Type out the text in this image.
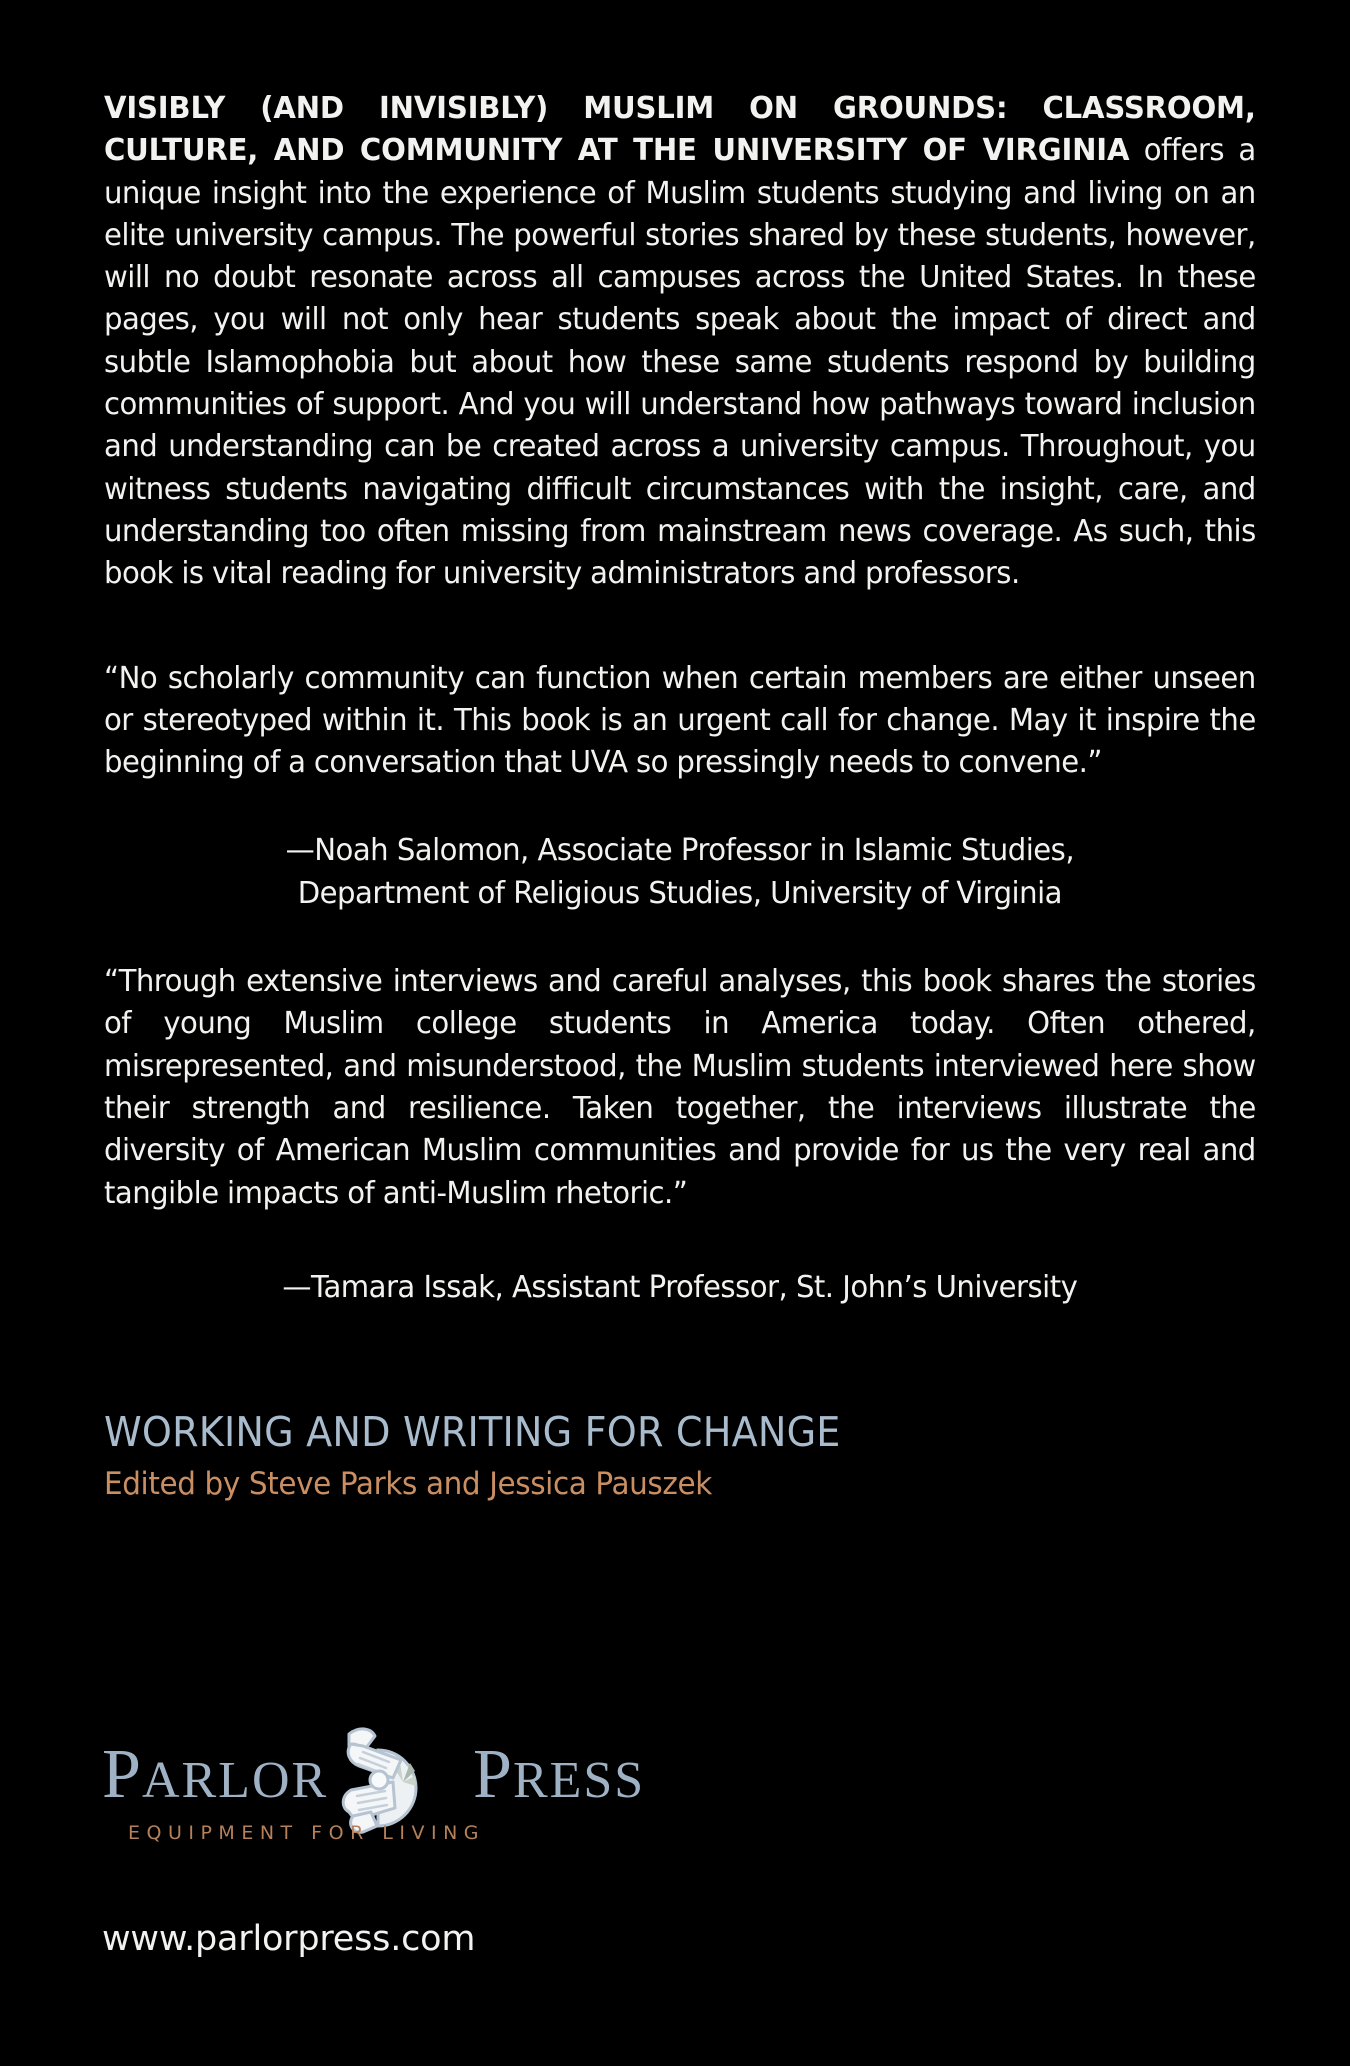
VISIBLY (AND INVISIBLY) MUSLIM ON GROUNDS: CLASSROOM, CULTURE, AND COMMUNITY AT THE UNIVERSITY OF VIRGINIA offers a unique insight into the experience of Muslim students studying and living on an elite university campus. The powerful stories shared by these students, however, will no doubt resonate across all campuses across the United States. In these pages, you will not only hear students speak about the impact of direct and subtle Islamophobia but about how these same students respond by building communities of support. And you will understand how pathways toward inclusion and understanding can be created across a university campus. Throughout, you witness students navigating difficult circumstances with the insight, care, and understanding too often missing from mainstream news coverage. As such, this book is vital reading for university administrators and professors.

“No scholarly community can function when certain members are either unseen or stereotyped within it. This book is an urgent call for change. May it inspire the beginning of a conversation that UVA so pressingly needs to convene.”

—Noah Salomon, Associate Professor in Islamic Studies,
Department of Religious Studies, University of Virginia

“Through extensive interviews and careful analyses, this book shares the stories of young Muslim college students in America today. Often othered, misrepresented, and misunderstood, the Muslim students interviewed here show their strength and resilience. Taken together, the interviews illustrate the diversity of American Muslim communities and provide for us the very real and tangible impacts of anti-Muslim rhetoric.”

—Tamara Issak, Assistant Professor, St. John’s University
WORKING AND WRITING FOR CHANGE
Edited by Steve Parks and Jessica Pauszek
PARLOR PRESS
EQUIPMENT FOR LIVING
www.parlorpress.com
